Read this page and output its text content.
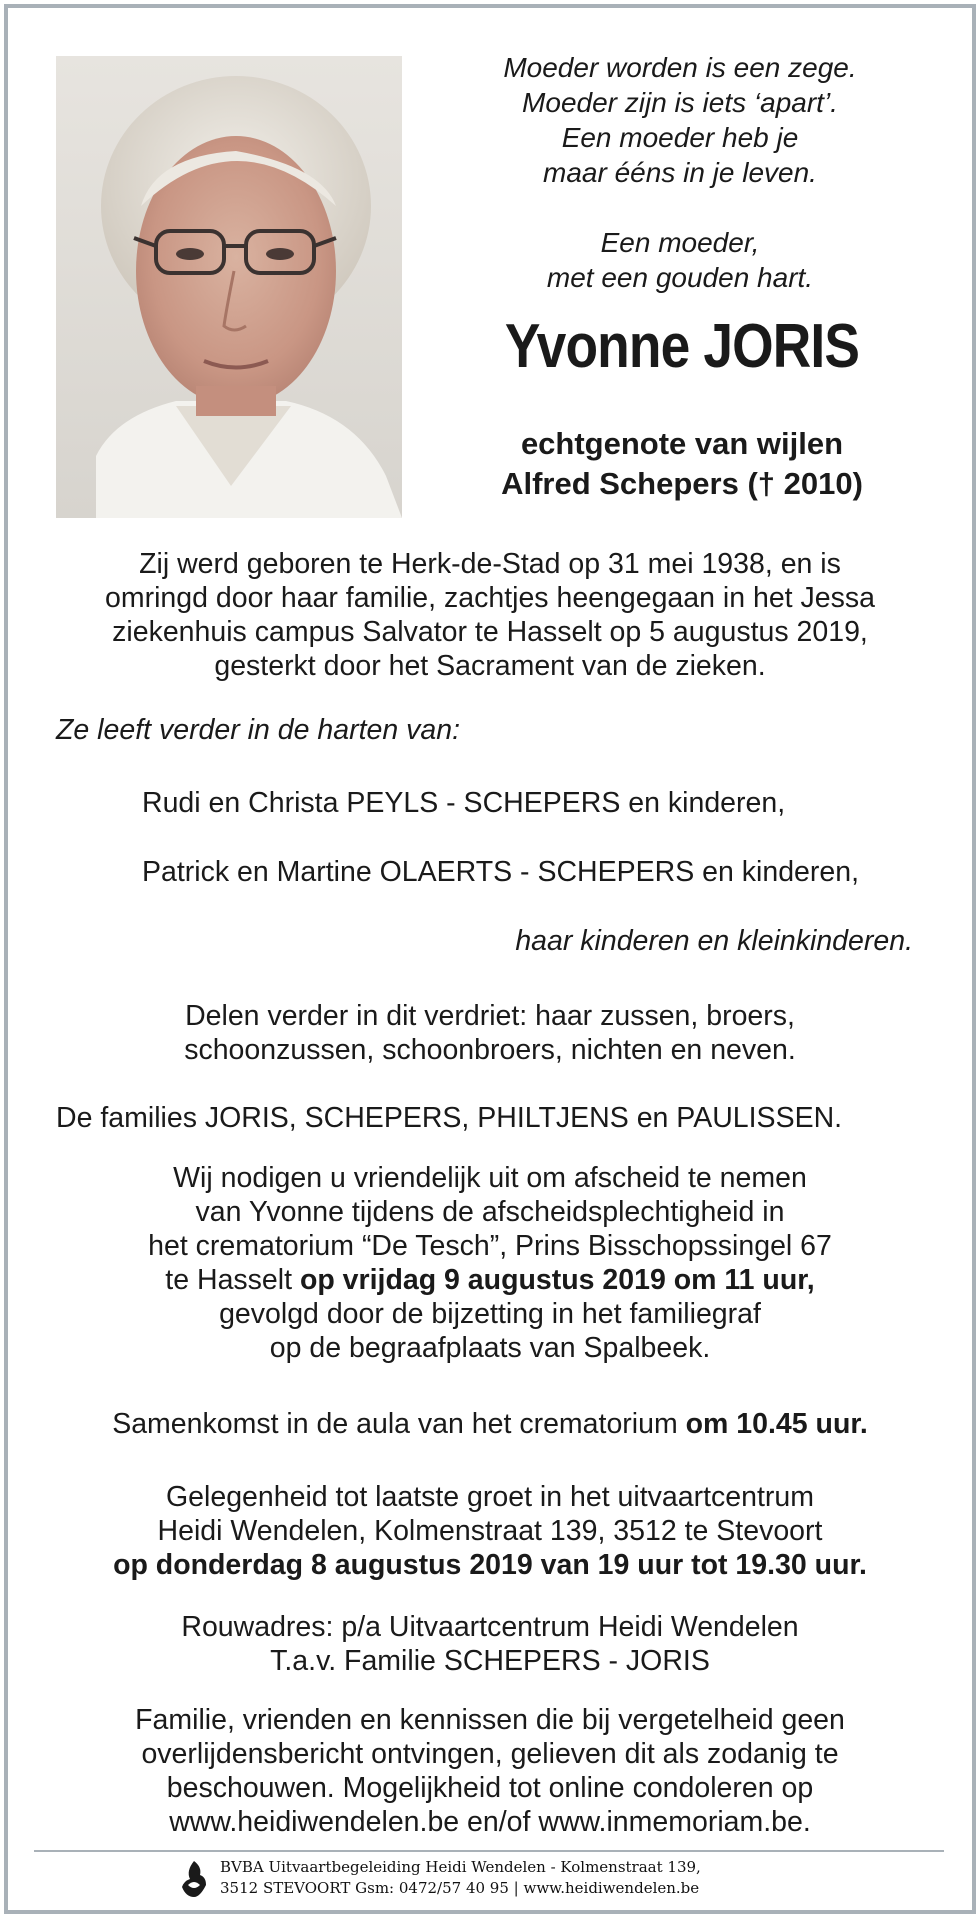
Moeder worden is een zege.
Moeder zijn is iets ‘apart’.
Een moeder heb je
maar ééns in je leven.
Een moeder,
met een gouden hart.
Yvonne JORIS
echtgenote van wijlen
Alfred Schepers († 2010)
Zij werd geboren te Herk-de-Stad op 31 mei 1938, en is
omringd door haar familie, zachtjes heengegaan in het Jessa
ziekenhuis campus Salvator te Hasselt op 5 augustus 2019,
gesterkt door het Sacrament van de zieken.
Ze leeft verder in de harten van:
Rudi en Christa PEYLS - SCHEPERS en kinderen,
Patrick en Martine OLAERTS - SCHEPERS en kinderen,
haar kinderen en kleinkinderen.
Delen verder in dit verdriet: haar zussen, broers,
schoonzussen, schoonbroers, nichten en neven.
De families JORIS, SCHEPERS, PHILTJENS en PAULISSEN.
Wij nodigen u vriendelijk uit om afscheid te nemen
van Yvonne tijdens de afscheidsplechtigheid in
het crematorium “De Tesch”, Prins Bisschopssingel 67
te Hasselt op vrijdag 9 augustus 2019 om 11 uur,
gevolgd door de bijzetting in het familiegraf
op de begraafplaats van Spalbeek.
Samenkomst in de aula van het crematorium om 10.45 uur.
Gelegenheid tot laatste groet in het uitvaartcentrum
Heidi Wendelen, Kolmenstraat 139, 3512 te Stevoort
op donderdag 8 augustus 2019 van 19 uur tot 19.30 uur.
Rouwadres: p/a Uitvaartcentrum Heidi Wendelen
T.a.v. Familie SCHEPERS - JORIS
Familie, vrienden en kennissen die bij vergetelheid geen
overlijdensbericht ontvingen, gelieven dit als zodanig te
beschouwen. Mogelijkheid tot online condoleren op
www.heidiwendelen.be en/of www.inmemoriam.be.
BVBA Uitvaartbegeleiding Heidi Wendelen - Kolmenstraat 139,
3512 STEVOORT Gsm: 0472/57 40 95 | www.heidiwendelen.be
